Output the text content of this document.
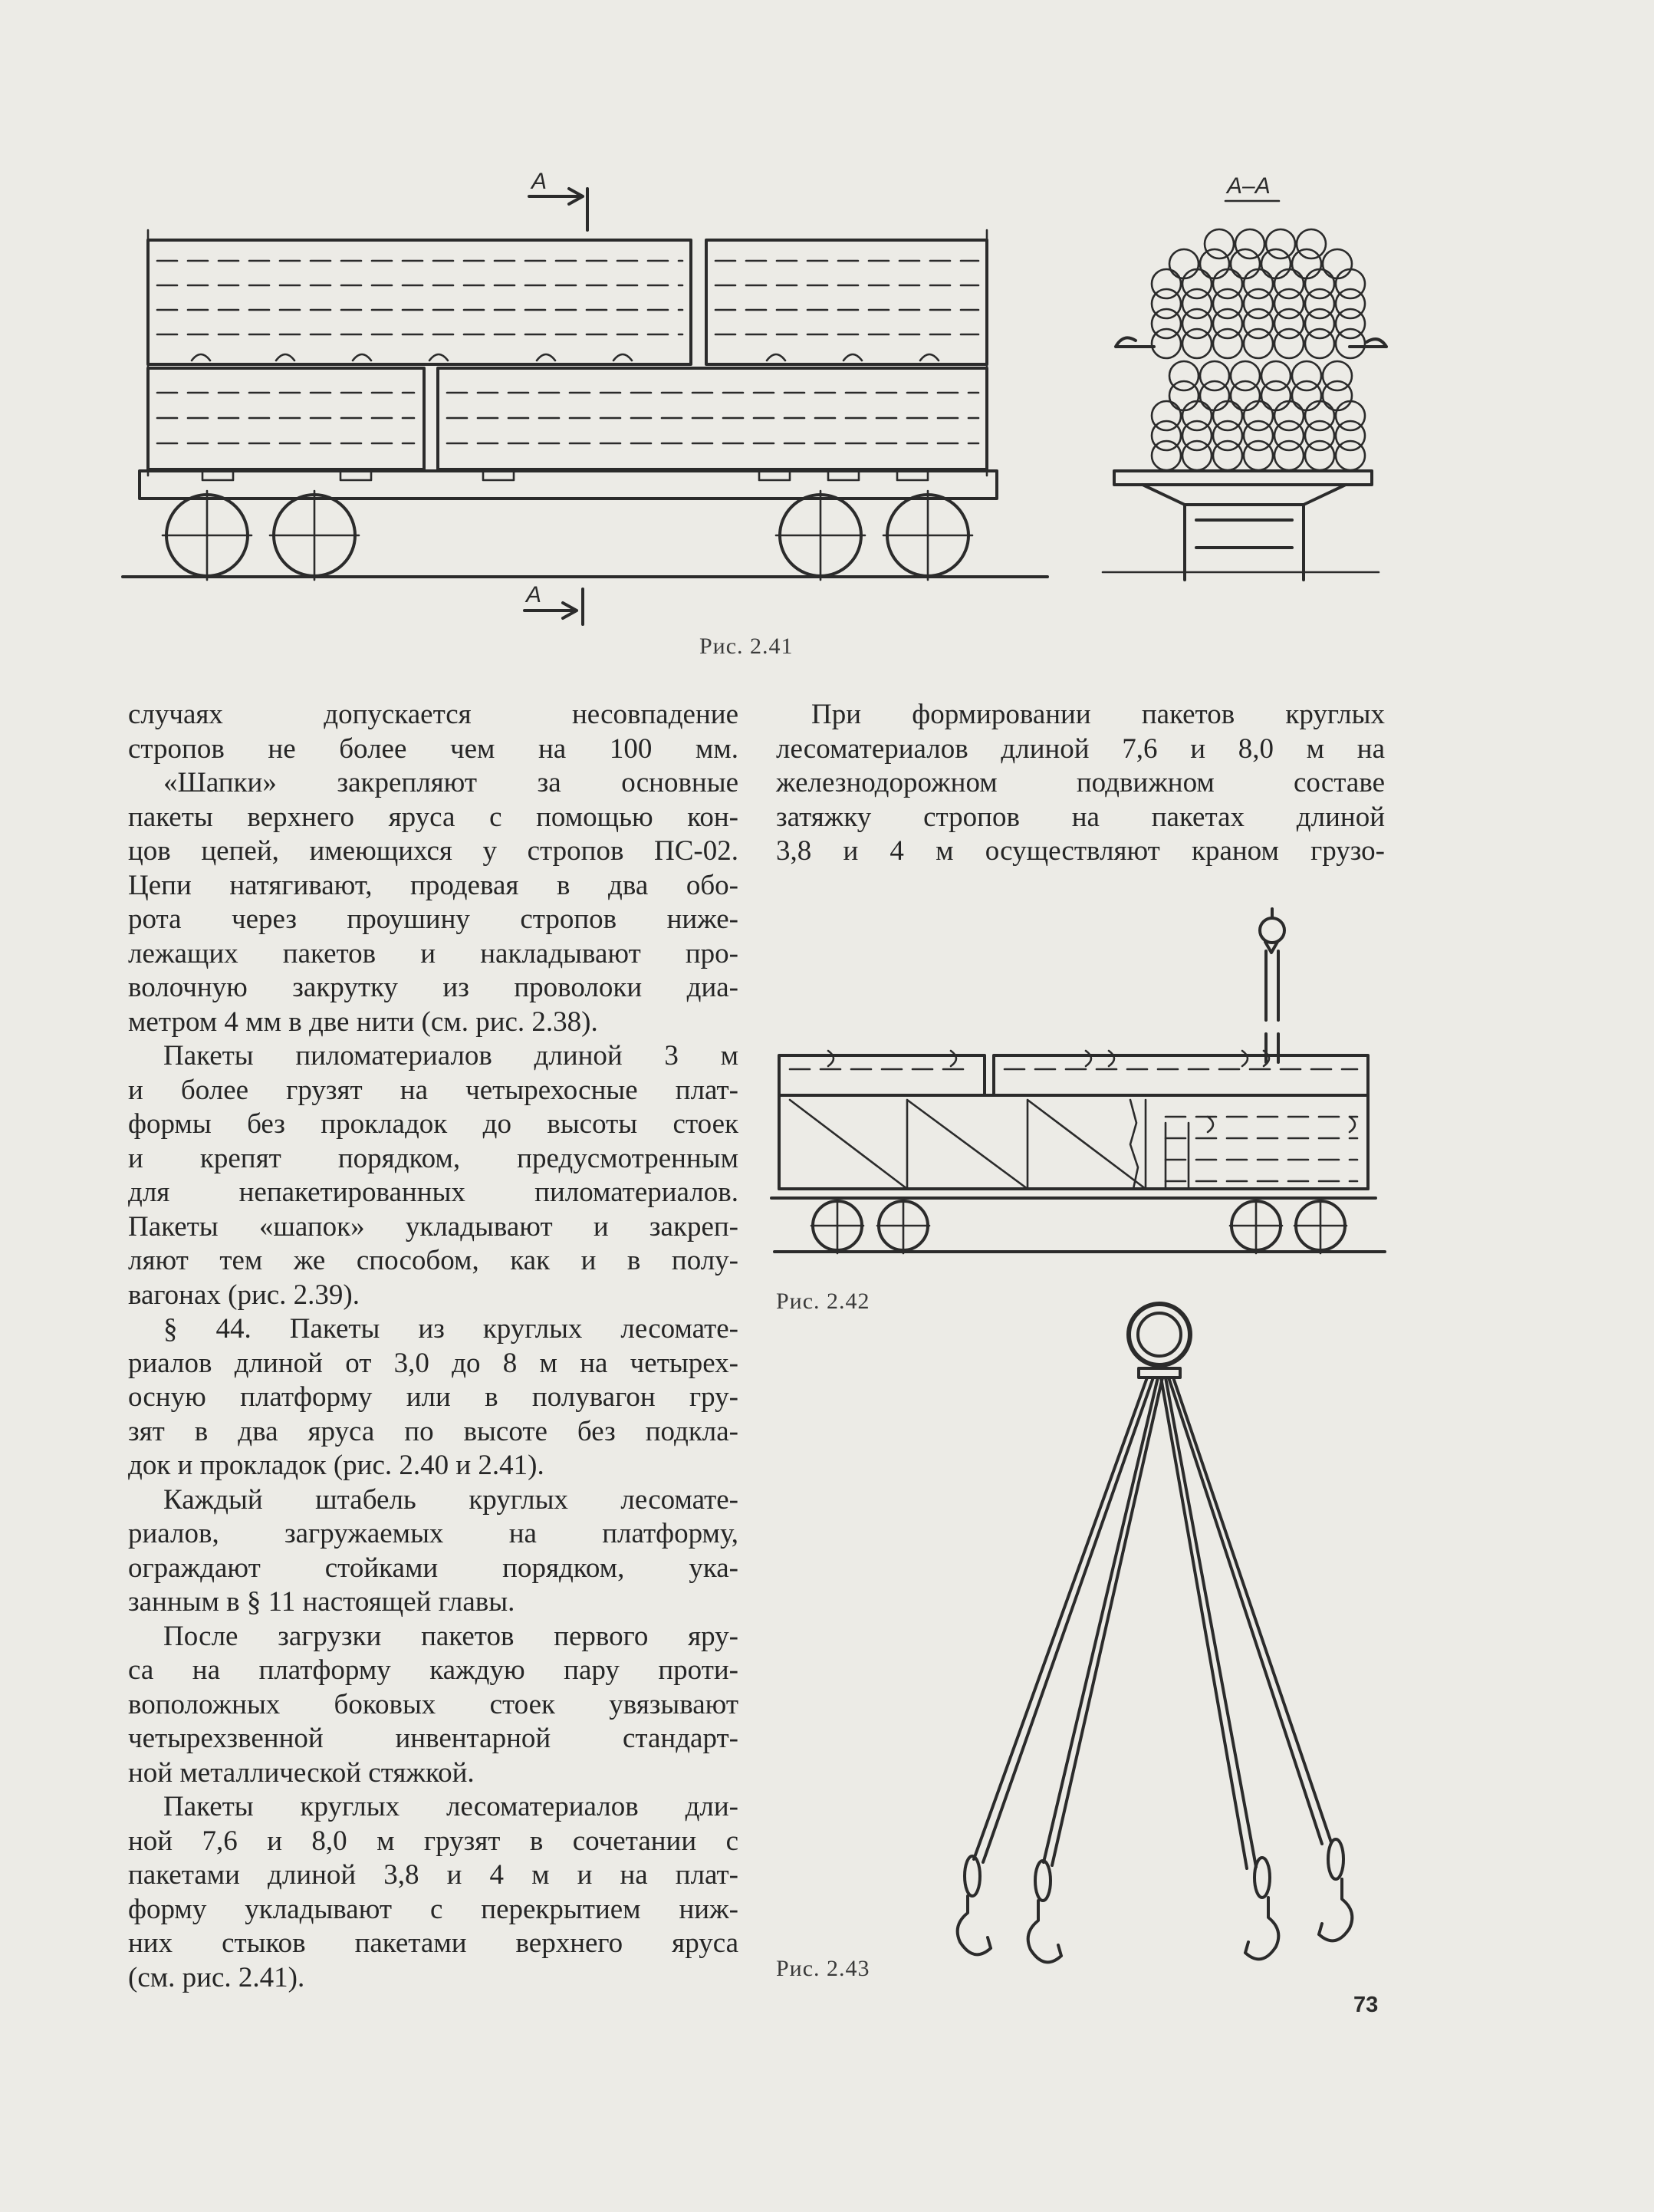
А
А
А–А
Рис. 2.41
Рис. 2.42
Рис. 2.43

случаях допускается несовпадение

стропов не более чем на 100 мм.

«Шапки» закрепляют за основные

пакеты верхнего яруса с помощью кон-

цов цепей, имеющихся у стропов ПС-02.

Цепи натягивают, продевая в два обо-

рота через проушину стропов ниже-

лежащих пакетов и накладывают про-

волочную закрутку из проволоки диа-

метром 4 мм в две нити (см. рис. 2.38).

Пакеты пиломатериалов длиной 3 м

и более грузят на четырехосные плат-

формы без прокладок до высоты стоек

и крепят порядком, предусмотренным

для непакетированных пиломатериалов.

Пакеты «шапок» укладывают и закреп-

ляют тем же способом, как и в полу-

вагонах (рис. 2.39).

§ 44. Пакеты из круглых лесомате-

риалов длиной от 3,0 до 8 м на четырех-

осную платформу или в полувагон гру-

зят в два яруса по высоте без подкла-

док и прокладок (рис. 2.40 и 2.41).

Каждый штабель круглых лесомате-

риалов, загружаемых на платформу,

ограждают стойками порядком, ука-

занным в § 11 настоящей главы.

После загрузки пакетов первого яру-

са на платформу каждую пару проти-

воположных боковых стоек увязывают

четырехзвенной инвентарной стандарт-

ной металлической стяжкой.

Пакеты круглых лесоматериалов дли-

ной 7,6 и 8,0 м грузят в сочетании с

пакетами длиной 3,8 и 4 м и на плат-

форму укладывают с перекрытием ниж-

них стыков пакетами верхнего яруса

(см. рис. 2.41).

При формировании пакетов круглых

лесоматериалов длиной 7,6 и 8,0 м на

железнодорожном подвижном составе

затяжку стропов на пакетах длиной

3,8 и 4 м осуществляют краном грузо-

73
